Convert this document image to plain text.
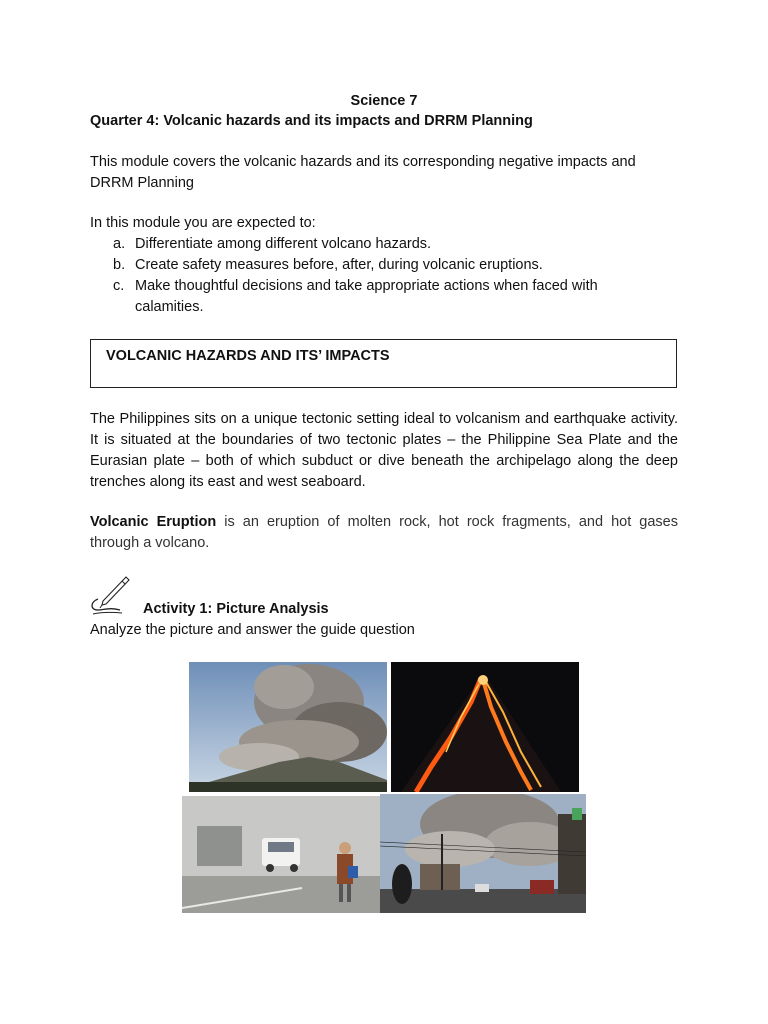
Science 7
Quarter 4: Volcanic hazards and its impacts and DRRM Planning
This module covers the volcanic hazards and its corresponding negative impacts and DRRM Planning
In this module you are expected to:
a. Differentiate among different volcano hazards.
b. Create safety measures before, after, during volcanic eruptions.
c. Make thoughtful decisions and take appropriate actions when faced with calamities.
VOLCANIC HAZARDS AND ITS’ IMPACTS
The Philippines sits on a unique tectonic setting ideal to volcanism and earthquake activity. It is situated at the boundaries of two tectonic plates – the Philippine Sea Plate and the Eurasian plate – both of which subduct or dive beneath the archipelago along the deep trenches along its east and west seaboard.
Volcanic Eruption is an eruption of molten rock, hot rock fragments, and hot gases through a volcano.
Activity 1: Picture Analysis
Analyze the picture and answer the guide question
